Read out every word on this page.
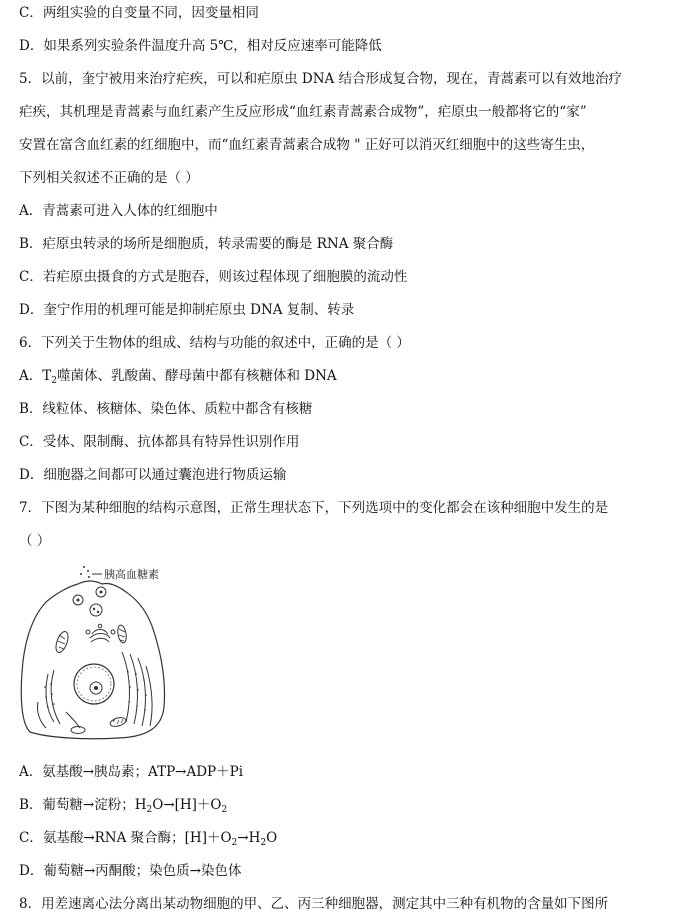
C．两组实验的自变量不同，因变量相同
D．如果系列实验条件温度升高 5℃，相对反应速率可能降低
5．以前，奎宁被用来治疗疟疾，可以和疟原虫 DNA 结合形成复合物，现在，青蒿素可以有效地治疗
疟疾，其机理是青蒿素与血红素产生反应形成“血红素青蒿素合成物”，疟原虫一般都将它的“家”
安置在富含血红素的红细胞中，而“血红素青蒿素合成物 " 正好可以消灭红细胞中的这些寄生虫，
下列相关叙述不正确的是（ ）
A．青蒿素可进入人体的红细胞中
B．疟原虫转录的场所是细胞质，转录需要的酶是 RNA 聚合酶
C．若疟原虫摄食的方式是胞吞，则该过程体现了细胞膜的流动性
D．奎宁作用的机理可能是抑制疟原虫 DNA 复制、转录
6．下列关于生物体的组成、结构与功能的叙述中，正确的是（ ）
A．$T_2$噬菌体、乳酸菌、酵母菌中都有核糖体和 DNA
B．线粒体、核糖体、染色体、质粒中都含有核糖
C．受体、限制酶、抗体都具有特异性识别作用
D．细胞器之间都可以通过囊泡进行物质运输
7．下图为某种细胞的结构示意图，正常生理状态下，下列选项中的变化都会在该种细胞中发生的是
（ ）
胰高血糖素
A．氨基酸→胰岛素；ATP→ADP＋Pi
B．葡萄糖→淀粉；$H_2O\to[H]+O_2$
C．氨基酸→RNA 聚合酶；$[H]+O_2\to H_2O$
D．葡萄糖→丙酮酸；染色质→染色体
8．用差速离心法分离出某动物细胞的甲、乙、丙三种细胞器，测定其中三种有机物的含量如下图所
